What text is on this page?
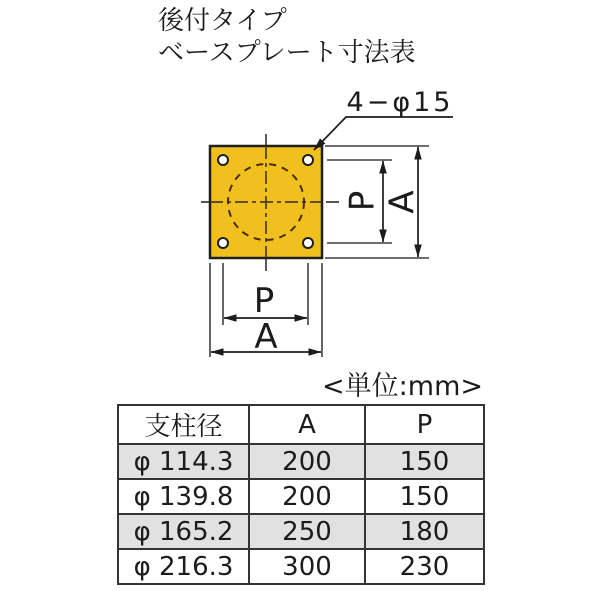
後付タイプ
ベースプレート寸法表
4−φ15
P A
P
A
<単位:mm>
支柱径	A	P
φ 114.3	200	150
φ 139.8	200	150
φ 165.2	250	180
φ 216.3	300	230
